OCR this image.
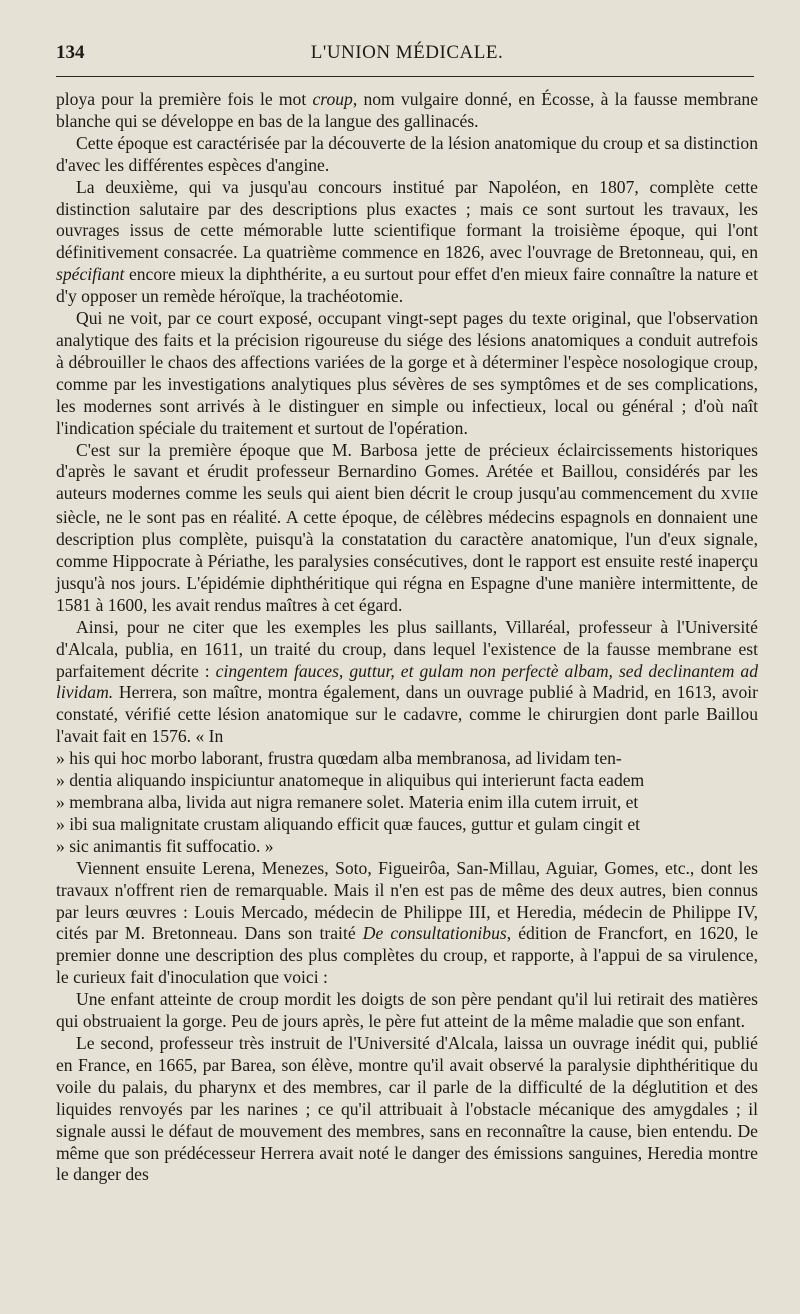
134	L'UNION MÉDICALE.

ploya pour la première fois le mot croup, nom vulgaire donné, en Écosse, à la fausse membrane blanche qui se développe en bas de la langue des gallinacés.

Cette époque est caractérisée par la découverte de la lésion anatomique du croup et sa distinction d'avec les différentes espèces d'angine.

La deuxième, qui va jusqu'au concours institué par Napoléon, en 1807, complète cette distinction salutaire par des descriptions plus exactes ; mais ce sont surtout les travaux, les ouvrages issus de cette mémorable lutte scientifique formant la troisième époque, qui l'ont définitivement consacrée. La quatrième commence en 1826, avec l'ouvrage de Bretonneau, qui, en spécifiant encore mieux la diphthérite, a eu surtout pour effet d'en mieux faire connaître la nature et d'y opposer un remède héroïque, la trachéotomie.

Qui ne voit, par ce court exposé, occupant vingt-sept pages du texte original, que l'observation analytique des faits et la précision rigoureuse du siége des lésions anatomiques a conduit autrefois à débrouiller le chaos des affections variées de la gorge et à déterminer l'espèce nosologique croup, comme par les investigations analytiques plus sévères de ses symptômes et de ses complications, les modernes sont arrivés à le distinguer en simple ou infectieux, local ou général ; d'où naît l'indication spéciale du traitement et surtout de l'opération.

C'est sur la première époque que M. Barbosa jette de précieux éclaircissements historiques d'après le savant et érudit professeur Bernardino Gomes. Arétée et Baillou, considérés par les auteurs modernes comme les seuls qui aient bien décrit le croup jusqu'au commencement du XVIIe siècle, ne le sont pas en réalité. A cette époque, de célèbres médecins espagnols en donnaient une description plus complète, puisqu'à la constatation du caractère anatomique, l'un d'eux signale, comme Hippocrate à Périathe, les paralysies consécutives, dont le rapport est ensuite resté inaperçu jusqu'à nos jours. L'épidémie diphthéritique qui régna en Espagne d'une manière intermittente, de 1581 à 1600, les avait rendus maîtres à cet égard.

Ainsi, pour ne citer que les exemples les plus saillants, Villaréal, professeur à l'Université d'Alcala, publia, en 1611, un traité du croup, dans lequel l'existence de la fausse membrane est parfaitement décrite : cingentem fauces, guttur, et gulam non perfectè albam, sed declinantem ad lividam. Herrera, son maître, montra également, dans un ouvrage publié à Madrid, en 1613, avoir constaté, vérifié cette lésion anatomique sur le cadavre, comme le chirurgien dont parle Baillou l'avait fait en 1576. « In
» his qui hoc morbo laborant, frustra quœdam alba membranosa, ad lividam ten-
» dentia aliquando inspiciuntur anatomeque in aliquibus qui interierunt facta eadem
» membrana alba, livida aut nigra remanere solet. Materia enim illa cutem irruit, et
» ibi sua malignitate crustam aliquando efficit quæ fauces, guttur et gulam cingit et
» sic animantis fit suffocatio. »

Viennent ensuite Lerena, Menezes, Soto, Figueirôa, San-Millau, Aguiar, Gomes, etc., dont les travaux n'offrent rien de remarquable. Mais il n'en est pas de même des deux autres, bien connus par leurs œuvres : Louis Mercado, médecin de Philippe III, et Heredia, médecin de Philippe IV, cités par M. Bretonneau. Dans son traité De consultationibus, édition de Francfort, en 1620, le premier donne une description des plus complètes du croup, et rapporte, à l'appui de sa virulence, le curieux fait d'inoculation que voici :

Une enfant atteinte de croup mordit les doigts de son père pendant qu'il lui retirait des matières qui obstruaient la gorge. Peu de jours après, le père fut atteint de la même maladie que son enfant.

Le second, professeur très instruit de l'Université d'Alcala, laissa un ouvrage inédit qui, publié en France, en 1665, par Barea, son élève, montre qu'il avait observé la paralysie diphthéritique du voile du palais, du pharynx et des membres, car il parle de la difficulté de la déglutition et des liquides renvoyés par les narines ; ce qu'il attribuait à l'obstacle mécanique des amygdales ; il signale aussi le défaut de mouvement des membres, sans en reconnaître la cause, bien entendu. De même que son prédécesseur Herrera avait noté le danger des émissions sanguines, Heredia montre le danger des
